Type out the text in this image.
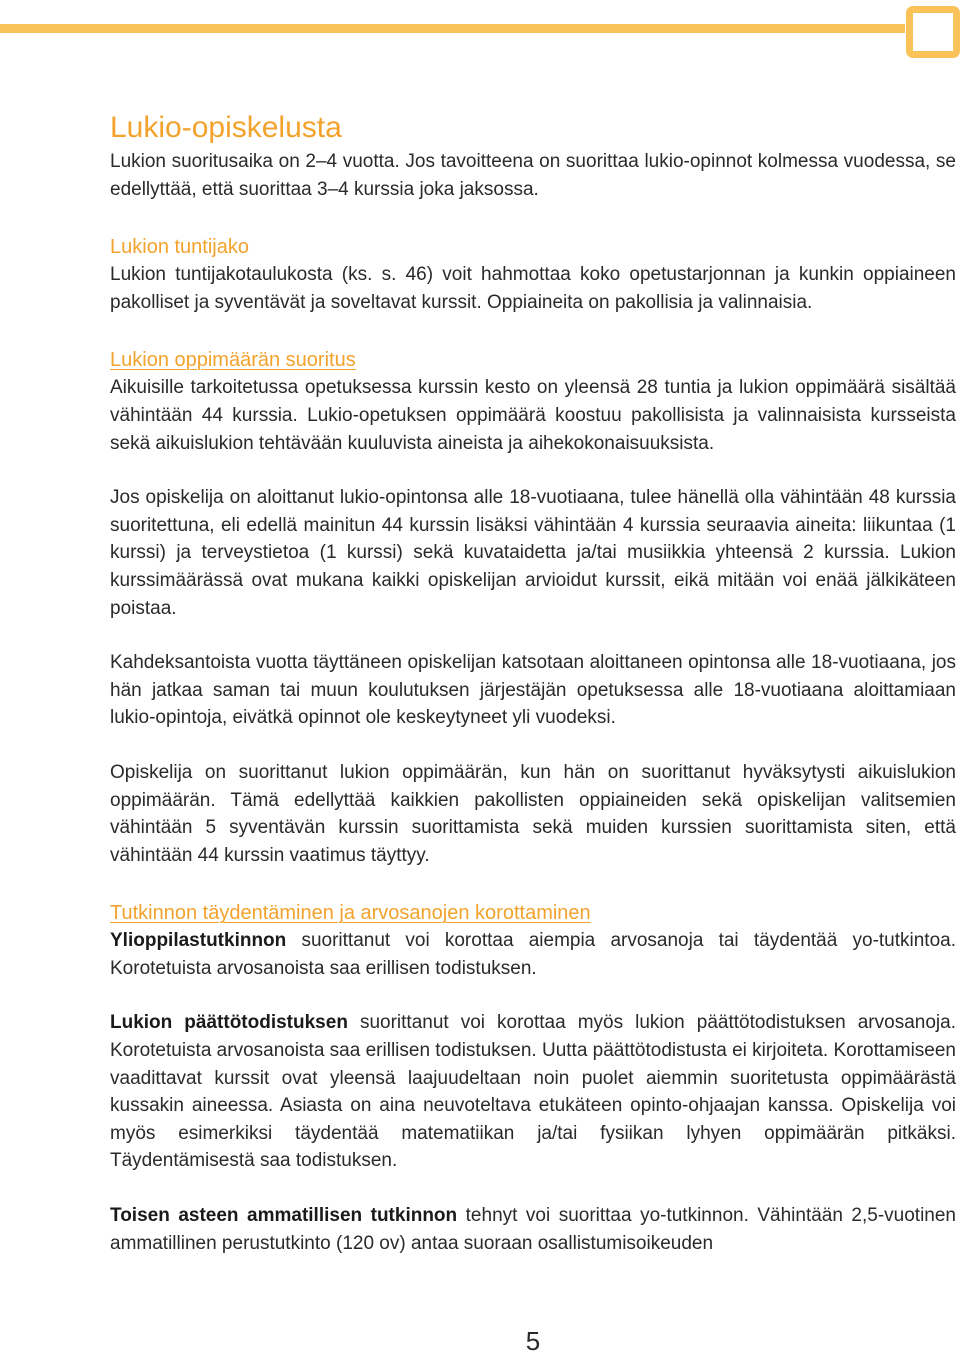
Lukio-opiskelusta

Lukion suoritusaika on 2–4 vuotta. Jos tavoitteena on suorittaa lukio-opinnot kolmessa vuodessa, se edellyttää, että suorittaa 3–4 kurssia joka jaksossa.

Lukion tuntijako

Lukion tuntijakotaulukosta (ks. s. 46) voit hahmottaa koko opetustarjonnan ja kunkin oppiaineen pakolliset ja syventävät ja soveltavat kurssit. Oppiaineita on pakollisia ja valinnaisia.

Lukion oppimäärän suoritus

Aikuisille tarkoitetussa opetuksessa kurssin kesto on yleensä 28 tuntia ja lukion oppimäärä sisältää vähintään 44 kurssia. Lukio-opetuksen oppimäärä koostuu pakollisista ja valinnaisista kursseista sekä aikuislukion tehtävään kuuluvista aineista ja aihekokonaisuuksista.

Jos opiskelija on aloittanut lukio-opintonsa alle 18-vuotiaana, tulee hänellä olla vähintään 48 kurssia suoritettuna, eli edellä mainitun 44 kurssin lisäksi vähintään 4 kurssia seuraavia aineita: liikuntaa (1 kurssi) ja terveystietoa (1 kurssi) sekä kuvataidetta ja/tai musiikkia yhteensä 2 kurssia. Lukion kurssimäärässä ovat mukana kaikki opiskelijan arvioidut kurssit, eikä mitään voi enää jälkikäteen poistaa.

Kahdeksantoista vuotta täyttäneen opiskelijan katsotaan aloittaneen opintonsa alle 18-vuotiaana, jos hän jatkaa saman tai muun koulutuksen järjestäjän opetuksessa alle 18-vuotiaana aloittamiaan lukio-opintoja, eivätkä opinnot ole keskeytyneet yli vuodeksi.

Opiskelija on suorittanut lukion oppimäärän, kun hän on suorittanut hyväksytysti aikuislukion oppimäärän. Tämä edellyttää kaikkien pakollisten oppiaineiden sekä opiskelijan valitsemien vähintään 5 syventävän kurssin suorittamista sekä muiden kurssien suorittamista siten, että vähintään 44 kurssin vaatimus täyttyy.

Tutkinnon täydentäminen ja arvosanojen korottaminen

Ylioppilastutkinnon suorittanut voi korottaa aiempia arvosanoja tai täydentää yo-tutkintoa. Korotetuista arvosanoista saa erillisen todistuksen.

Lukion päättötodistuksen suorittanut voi korottaa myös lukion päättötodistuksen arvosanoja. Korotetuista arvosanoista saa erillisen todistuksen. Uutta päättötodistusta ei kirjoiteta. Korottamiseen vaadittavat kurssit ovat yleensä laajuudeltaan noin puolet aiemmin suoritetusta oppimäärästä kussakin aineessa. Asiasta on aina neuvoteltava etukäteen opinto-ohjaajan kanssa. Opiskelija voi myös esimerkiksi täydentää matematiikan ja/tai fysiikan lyhyen oppimäärän pitkäksi. Täydentämisestä saa todistuksen.

Toisen asteen ammatillisen tutkinnon tehnyt voi suorittaa yo-tutkinnon. Vähintään 2,5-vuotinen ammatillinen perustutkinto (120 ov) antaa suoraan osallistumisoikeuden

5
